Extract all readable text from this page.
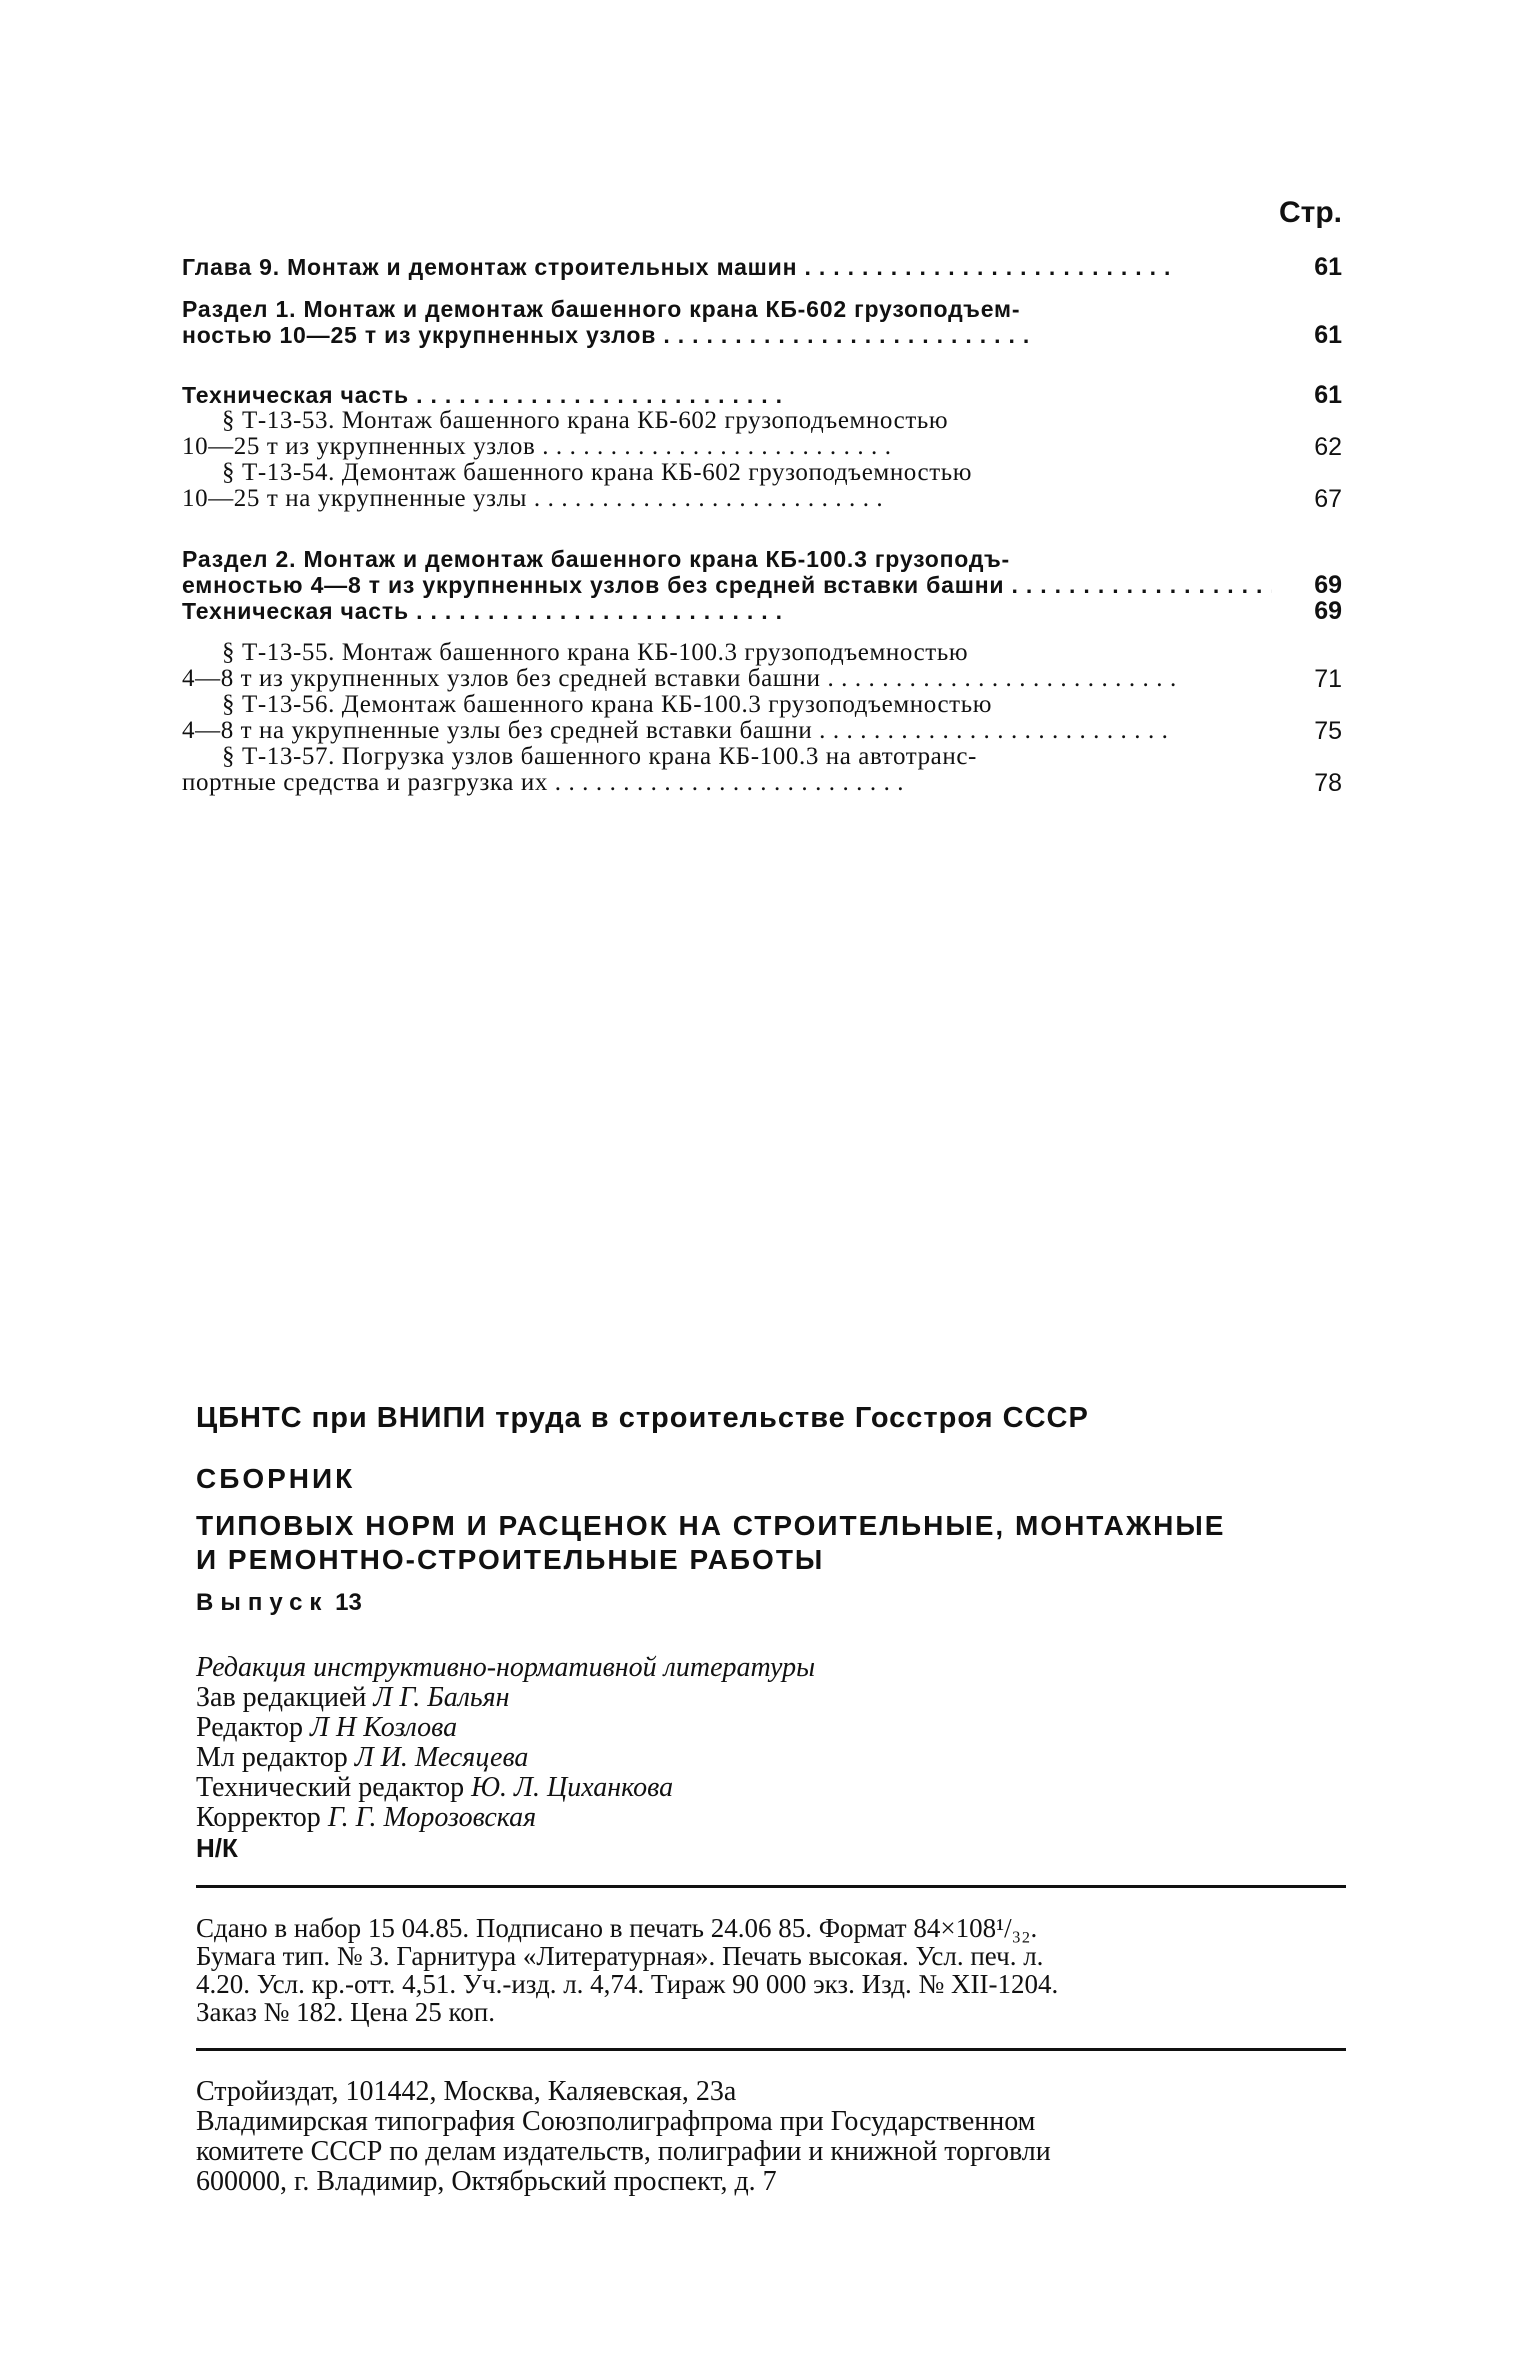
Стр.
Глава 9. Монтаж и демонтаж строительных машин . .	61
Раздел 1. Монтаж и демонтаж башенного крана КБ-602 грузоподъем-
ностью 10—25 т из укрупненных узлов . .	61
Техническая часть . .	61
§ Т-13-53. Монтаж башенного крана КБ-602 грузоподъемностью
10—25 т из укрупненных узлов . .	62
§ Т-13-54. Демонтаж башенного крана КБ-602 грузоподъемностью
10—25 т на укрупненные узлы . .	67
Раздел 2. Монтаж и демонтаж башенного крана КБ-100.3 грузоподъ-
емностью 4—8 т из укрупненных узлов без средней вставки башни . .	69
Техническая часть . .	69
§ Т-13-55. Монтаж башенного крана КБ-100.3 грузоподъемностью
4—8 т из укрупненных узлов без средней вставки башни . .	71
§ Т-13-56. Демонтаж башенного крана КБ-100.3 грузоподъемностью
4—8 т на укрупненные узлы без средней вставки башни . .	75
§ Т-13-57. Погрузка узлов башенного крана КБ-100.3 на автотранс-
портные средства и разгрузка их . .	78
ЦБНТС при ВНИПИ труда в строительстве Госстроя СССР
СБОРНИК
ТИПОВЫХ НОРМ И РАСЦЕНОК НА СТРОИТЕЛЬНЫЕ, МОНТАЖНЫЕ
И РЕМОНТНО-СТРОИТЕЛЬНЫЕ РАБОТЫ
Выпуск 13
Редакция инструктивно-нормативной литературы
Зав редакцией Л Г. Бальян
Редактор Л Н Козлова
Мл редактор Л И. Месяцева
Технический редактор Ю. Л. Циханкова
Корректор Г. Г. Морозовская
Н/К
Сдано в набор 15 04.85. Подписано в печать 24.06 85. Формат 84×108¹/₃₂.
Бумага тип. № 3. Гарнитура «Литературная». Печать высокая. Усл. печ. л.
4.20. Усл. кр.-отт. 4,51. Уч.-изд. л. 4,74. Тираж 90 000 экз. Изд. № XII-1204.
Заказ № 182. Цена 25 коп.
Стройиздат, 101442, Москва, Каляевская, 23а
Владимирская типография Союзполиграфпрома при Государственном
комитете СССР по делам издательств, полиграфии и книжной торговли
600000, г. Владимир, Октябрьский проспект, д. 7
